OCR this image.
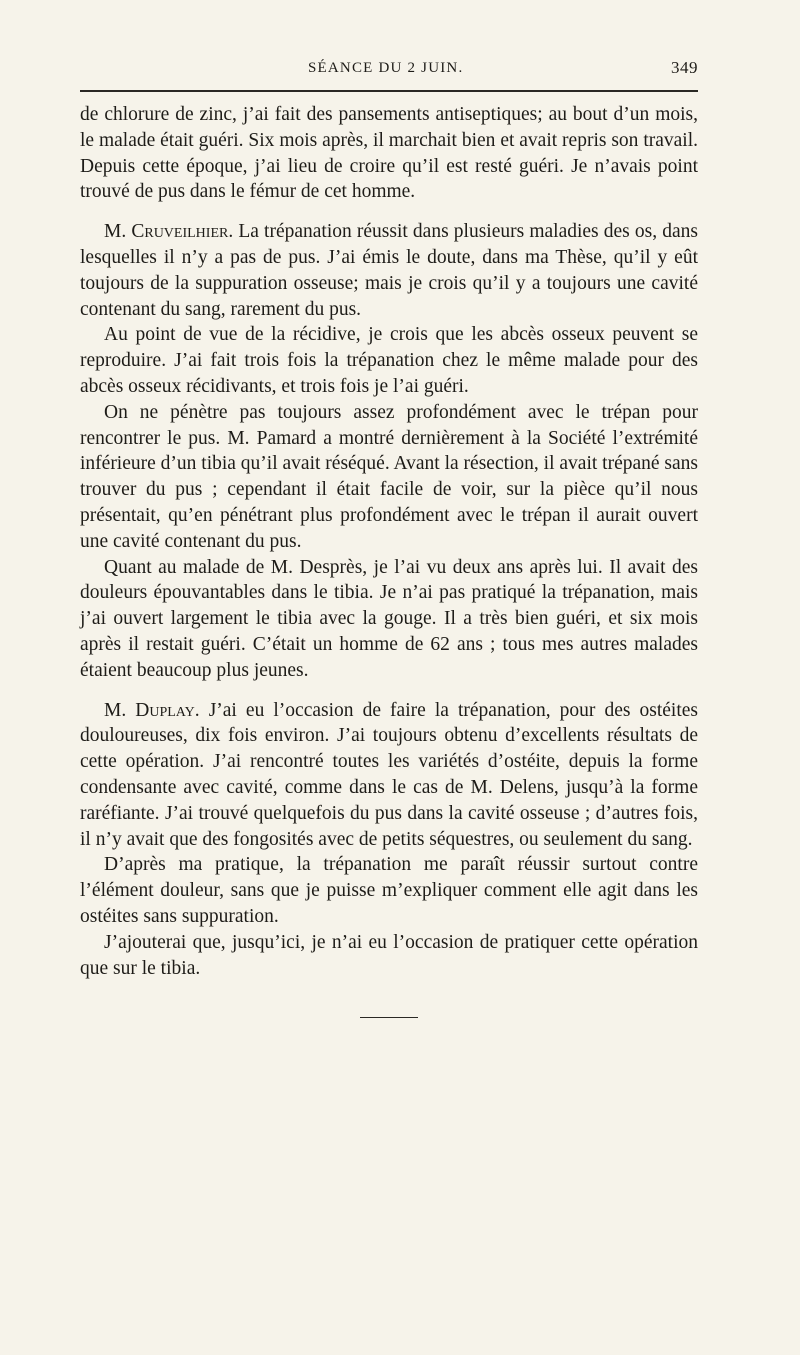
SÉANCE DU 2 JUIN.	349

de chlorure de zinc, j’ai fait des pansements antiseptiques; au bout d’un mois, le malade était guéri. Six mois après, il marchait bien et avait repris son travail. Depuis cette époque, j’ai lieu de croire qu’il est resté guéri. Je n’avais point trouvé de pus dans le fémur de cet homme.

M. Cruveilhier. La trépanation réussit dans plusieurs maladies des os, dans lesquelles il n’y a pas de pus. J’ai émis le doute, dans ma Thèse, qu’il y eût toujours de la suppuration osseuse; mais je crois qu’il y a toujours une cavité contenant du sang, rarement du pus.

Au point de vue de la récidive, je crois que les abcès osseux peuvent se reproduire. J’ai fait trois fois la trépanation chez le même malade pour des abcès osseux récidivants, et trois fois je l’ai guéri.

On ne pénètre pas toujours assez profondément avec le trépan pour rencontrer le pus. M. Pamard a montré dernièrement à la Société l’extrémité inférieure d’un tibia qu’il avait réséqué. Avant la résection, il avait trépané sans trouver du pus ; cependant il était facile de voir, sur la pièce qu’il nous présentait, qu’en pénétrant plus profondément avec le trépan il aurait ouvert une cavité contenant du pus.

Quant au malade de M. Desprès, je l’ai vu deux ans après lui. Il avait des douleurs épouvantables dans le tibia. Je n’ai pas pratiqué la trépanation, mais j’ai ouvert largement le tibia avec la gouge. Il a très bien guéri, et six mois après il restait guéri. C’était un homme de 62 ans ; tous mes autres malades étaient beaucoup plus jeunes.

M. Duplay. J’ai eu l’occasion de faire la trépanation, pour des ostéites douloureuses, dix fois environ. J’ai toujours obtenu d’excellents résultats de cette opération. J’ai rencontré toutes les variétés d’ostéite, depuis la forme condensante avec cavité, comme dans le cas de M. Delens, jusqu’à la forme raréfiante. J’ai trouvé quelquefois du pus dans la cavité osseuse ; d’autres fois, il n’y avait que des fongosités avec de petits séquestres, ou seulement du sang.

D’après ma pratique, la trépanation me paraît réussir surtout contre l’élément douleur, sans que je puisse m’expliquer comment elle agit dans les ostéites sans suppuration.

J’ajouterai que, jusqu’ici, je n’ai eu l’occasion de pratiquer cette opération que sur le tibia.
